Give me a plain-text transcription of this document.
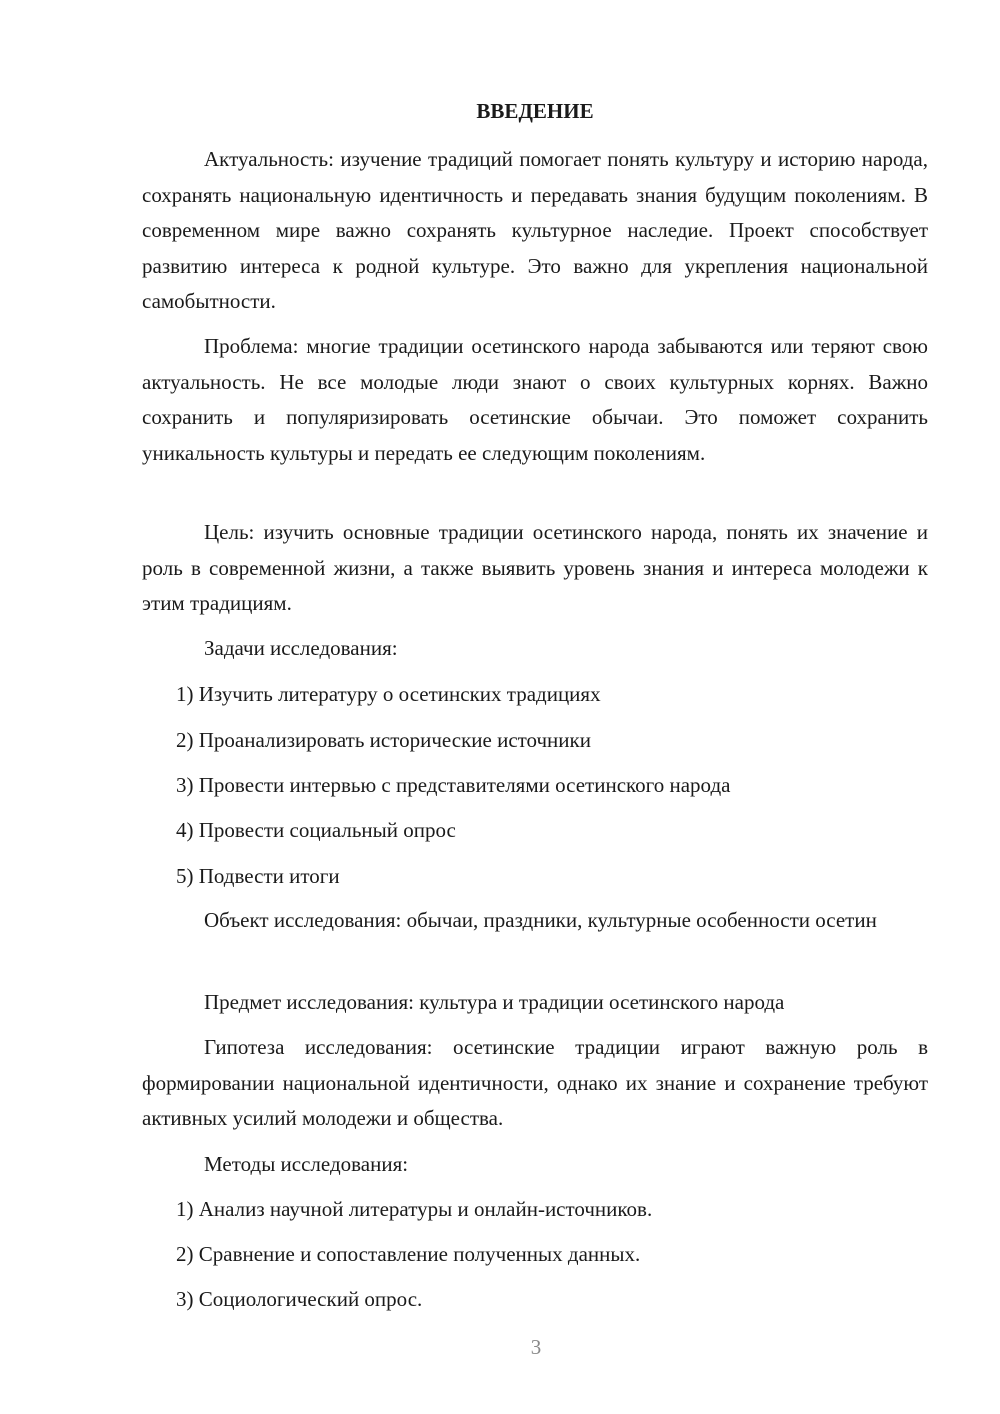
ВВЕДЕНИЕ

Актуальность: изучение традиций помогает понять культуру и историю народа, сохранять национальную идентичность и передавать знания будущим поколениям. В современном мире важно сохранять культурное наследие. Проект способствует развитию интереса к родной культуре. Это важно для укрепления национальной самобытности.

Проблема: многие традиции осетинского народа забываются или теряют свою актуальность. Не все молодые люди знают о своих культурных корнях. Важно сохранить и популяризировать осетинские обычаи. Это поможет сохранить уникальность культуры и передать ее следующим поколениям.

Цель: изучить основные традиции осетинского народа, понять их значение и роль в современной жизни, а также выявить уровень знания и интереса молодежи к этим традициям.

Задачи исследования:

1) Изучить литературу о осетинских традициях

2) Проанализировать исторические источники

3) Провести интервью с представителями осетинского народа

4) Провести социальный опрос

5) Подвести итоги

Объект исследования: обычаи, праздники, культурные особенности осетин

Предмет исследования: культура и традиции осетинского народа

Гипотеза исследования: осетинские традиции играют важную роль в формировании национальной идентичности, однако их знание и сохранение требуют активных усилий молодежи и общества.

Методы исследования:

1) Анализ научной литературы и онлайн-источников.

2) Сравнение и сопоставление полученных данных.

3) Социологический опрос.

3
